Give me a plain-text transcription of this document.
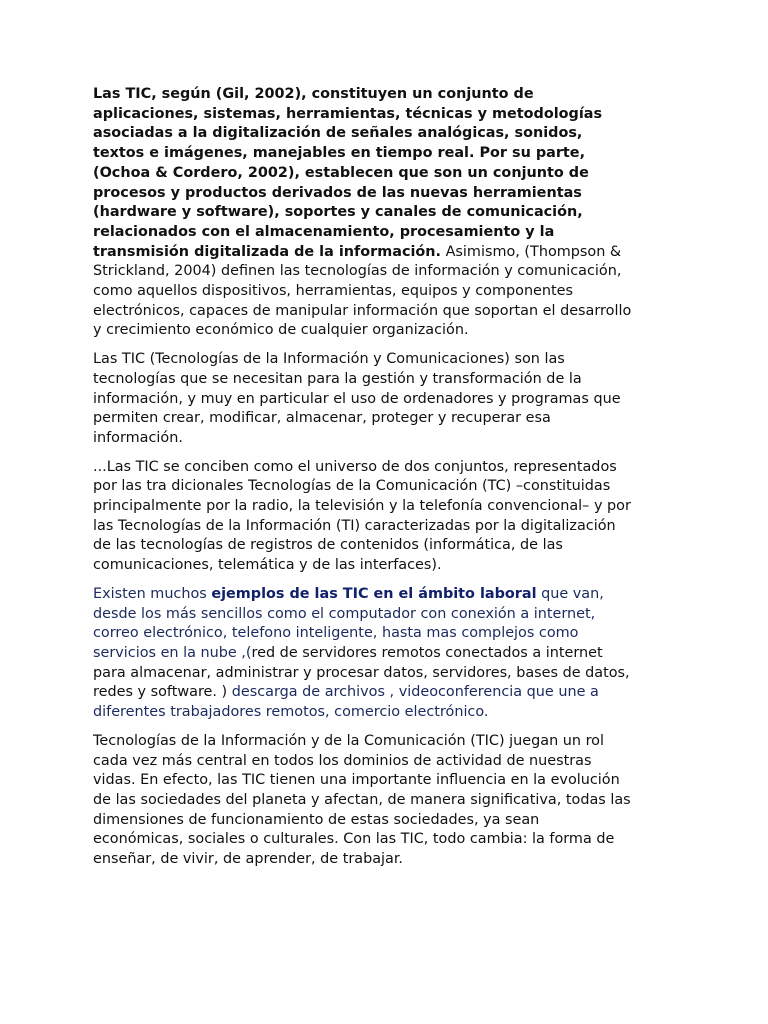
Las TIC, según (Gil, 2002), constituyen un conjunto de
aplicaciones, sistemas, herramientas, técnicas y metodologías
asociadas a la digitalización de señales analógicas, sonidos,
textos e imágenes, manejables en tiempo real. Por su parte,
(Ochoa & Cordero, 2002), establecen que son un conjunto de
procesos y productos derivados de las nuevas herramientas
(hardware y software), soportes y canales de comunicación,
relacionados con el almacenamiento, procesamiento y la
transmisión digitalizada de la información. Asimismo, (Thompson &
Strickland, 2004) definen las tecnologías de información y comunicación,
como aquellos dispositivos, herramientas, equipos y componentes
electrónicos, capaces de manipular información que soportan el desarrollo
y crecimiento económico de cualquier organización.

Las TIC (Tecnologías de la Información y Comunicaciones) son las
tecnologías que se necesitan para la gestión y transformación de la
información, y muy en particular el uso de ordenadores y programas que
permiten crear, modificar, almacenar, proteger y recuperar esa
información.

...Las TIC se conciben como el universo de dos conjuntos, representados
por las tra dicionales Tecnologías de la Comunicación (TC) –constituidas
principalmente por la radio, la televisión y la telefonía convencional– y por
las Tecnologías de la Información (TI) caracterizadas por la digitalización
de las tecnologías de registros de contenidos (informática, de las
comunicaciones, telemática y de las interfaces).

Existen muchos ejemplos de las TIC en el ámbito laboral que van,
desde los más sencillos como el computador con conexión a internet,
correo electrónico, telefono inteligente, hasta mas complejos como
servicios en la nube ,(red de servidores remotos conectados a internet
para almacenar, administrar y procesar datos, servidores, bases de datos,
redes y software. ) descarga de archivos , videoconferencia que une a
diferentes trabajadores remotos, comercio electrónico.

Tecnologías de la Información y de la Comunicación (TIC) juegan un rol
cada vez más central en todos los dominios de actividad de nuestras
vidas. En efecto, las TIC tienen una importante influencia en la evolución
de las sociedades del planeta y afectan, de manera significativa, todas las
dimensiones de funcionamiento de estas sociedades, ya sean
económicas, sociales o culturales. Con las TIC, todo cambia: la forma de
enseñar, de vivir, de aprender, de trabajar.
